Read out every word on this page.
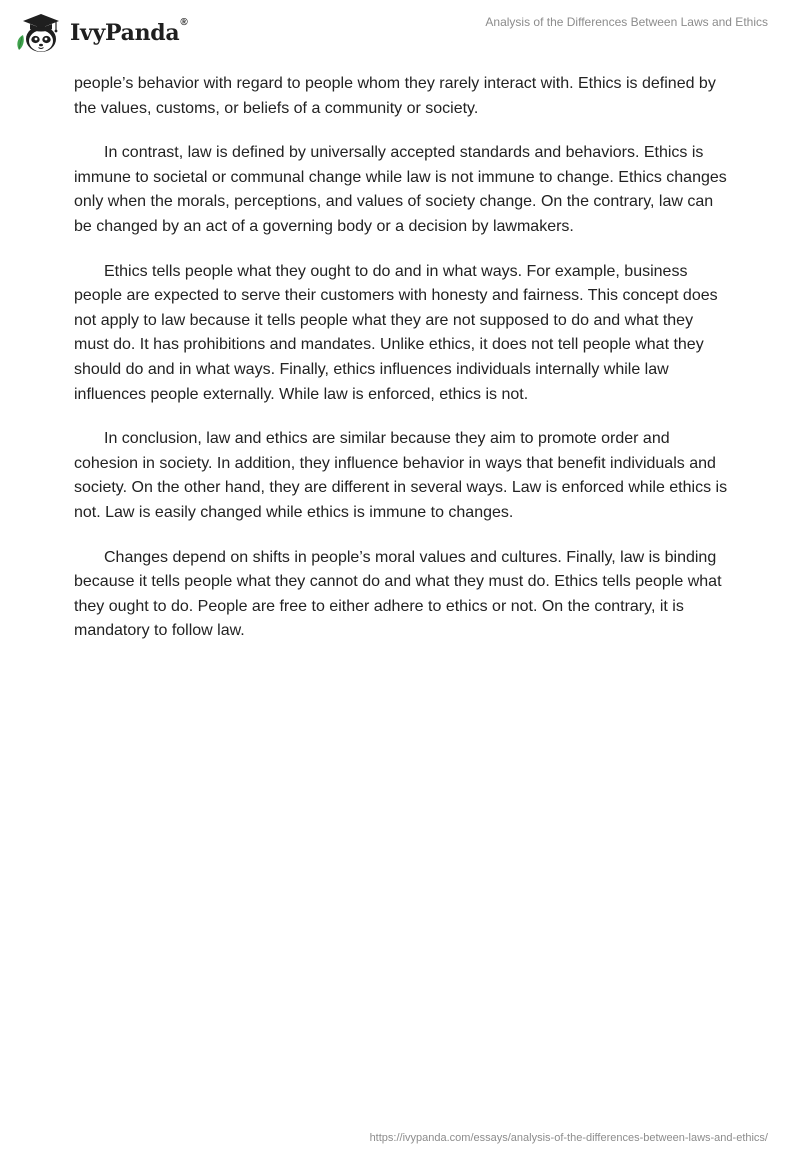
IvyPanda®	Analysis of the Differences Between Laws and Ethics

people’s behavior with regard to people whom they rarely interact with. Ethics is defined by the values, customs, or beliefs of a community or society.

In contrast, law is defined by universally accepted standards and behaviors. Ethics is immune to societal or communal change while law is not immune to change. Ethics changes only when the morals, perceptions, and values of society change. On the contrary, law can be changed by an act of a governing body or a decision by lawmakers.

Ethics tells people what they ought to do and in what ways. For example, business people are expected to serve their customers with honesty and fairness. This concept does not apply to law because it tells people what they are not supposed to do and what they must do. It has prohibitions and mandates. Unlike ethics, it does not tell people what they should do and in what ways. Finally, ethics influences individuals internally while law influences people externally. While law is enforced, ethics is not.

In conclusion, law and ethics are similar because they aim to promote order and cohesion in society. In addition, they influence behavior in ways that benefit individuals and society. On the other hand, they are different in several ways. Law is enforced while ethics is not. Law is easily changed while ethics is immune to changes.

Changes depend on shifts in people’s moral values and cultures. Finally, law is binding because it tells people what they cannot do and what they must do. Ethics tells people what they ought to do. People are free to either adhere to ethics or not. On the contrary, it is mandatory to follow law.

https://ivypanda.com/essays/analysis-of-the-differences-between-laws-and-ethics/
